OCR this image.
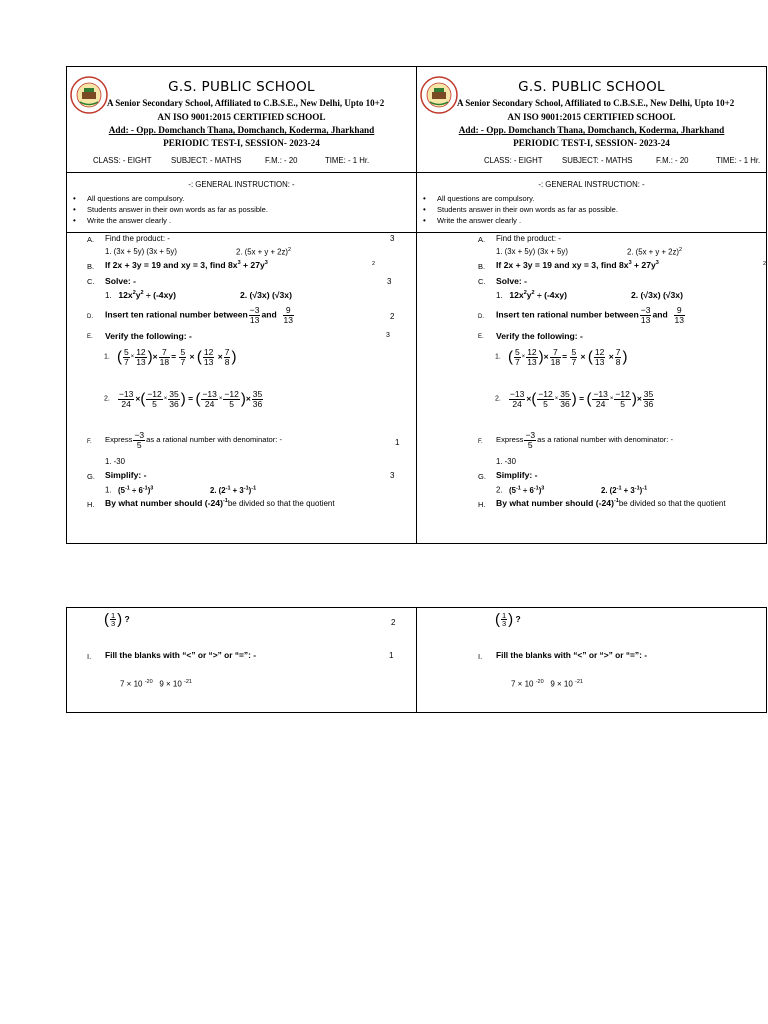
G.S. PUBLIC SCHOOL
A Senior Secondary School, Affiliated to C.B.S.E., New Delhi, Upto 10+2
AN ISO 9001:2015 CERTIFIED SCHOOL
Add: - Opp. Domchanch Thana, Domchanch, Koderma, Jharkhand
PERIODIC TEST-I, SESSION- 2023-24
CLASS: - EIGHT	SUBJECT: - MATHS	F.M.: - 20	TIME: - 1 Hr.
-: GENERAL INSTRUCTION: -
• All questions are compulsory.
• Students answer in their own words as far as possible.
• Write the answer clearly .
A. Find the product: -	3
1. (3x + 5y) (3x + 5y)	2. $(5x + y + 2z)^2$
B. If 2x + 3y = 19 and xy = 3, find $8x^3 + 27y^3$	2
C. Solve: -	3
1. $12x^2y^2 \div (-4xy)$	2. (√3x) (√3x)
D. Insert ten rational number between $\frac{-3}{13}$ and $\frac{9}{13}$	2
E. Verify the following: -	3
1. ( $\frac{5}{7} \times \frac{12}{13}$ )× $\frac{7}{18} = \frac{5}{7}$ × ( $\frac{12}{13} \times \frac{7}{8}$ )
2. $\frac{-13}{24}$ ×( $\frac{-12}{5} \times \frac{35}{36}$ ) = ( $\frac{-13}{24} \times \frac{-12}{5}$ )× $\frac{35}{36}$
F. Express $\frac{-3}{5}$ as a rational number with denominator: -	1
1. -30
G. Simplify: -	3
1. $(5^{-1} \div 6^{-1})^3$	2. $(2^{-1} + 3^{-1})^{-1}$
H. By what number should $(-24)^{-1}be$ divided so that the quotient
G.S. PUBLIC SCHOOL
A Senior Secondary School, Affiliated to C.B.S.E., New Delhi, Upto 10+2
AN ISO 9001:2015 CERTIFIED SCHOOL
Add: - Opp. Domchanch Thana, Domchanch, Koderma, Jharkhand
PERIODIC TEST-I, SESSION- 2023-24
CLASS: - EIGHT	SUBJECT: - MATHS	F.M.: - 20	TIME: - 1 Hr.
-: GENERAL INSTRUCTION: -
• All questions are compulsory.
• Students answer in their own words as far as possible.
• Write the answer clearly .
A. Find the product: -
1. (3x + 5y) (3x + 5y)	2. $(5x + y + 2z)^2$
B. If 2x + 3y = 19 and xy = 3, find $8x^3 + 27y^3$	2
C. Solve: -
1. $12x^2y^2 \div (-4xy)$	2. (√3x) (√3x)
D. Insert ten rational number between $\frac{-3}{13}$ and $\frac{9}{13}$
E. Verify the following: -
1. ( $\frac{5}{7} \times \frac{12}{13}$ )× $\frac{7}{18} = \frac{5}{7}$ × ( $\frac{12}{13} \times \frac{7}{8}$ )
2. $\frac{-13}{24}$ ×( $\frac{-12}{5} \times \frac{35}{36}$ ) = ( $\frac{-13}{24} \times \frac{-12}{5}$ )× $\frac{35}{36}$
F. Express $\frac{-3}{5}$ as a rational number with denominator: -
1. -30
G. Simplify: -
2. $(5^{-1} \div 6^{-1})^3$	2. $(2^{-1} + 3^{-1})^{-1}$
H. By what number should $(-24)^{-1}be$ divided so that the quotient
( $\frac{1}{3}$ ) ?	2
I. Fill the blanks with “<” or “>” or “=”: -	1
7 × 10 $^{-20}$ 9 × 10 $^{-21}$
( $\frac{1}{3}$ ) ?
I. Fill the blanks with “<” or “>” or “=”: -
7 × 10 $^{-20}$ 9 × 10 $^{-21}$
